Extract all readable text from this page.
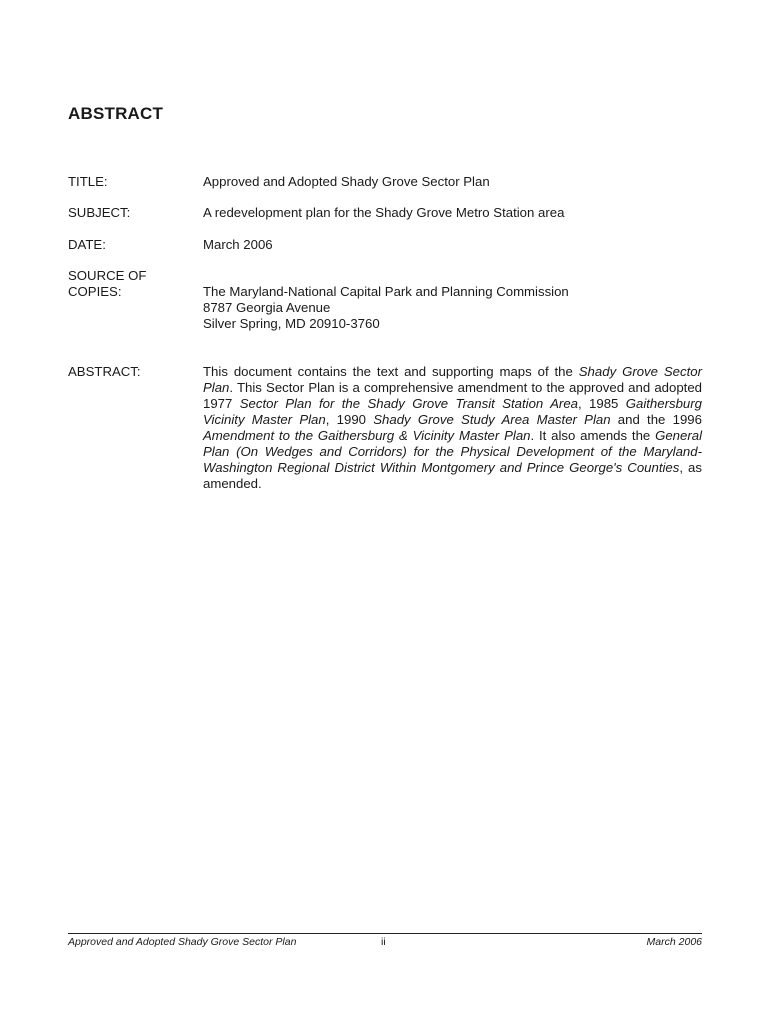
ABSTRACT
TITLE:	Approved and Adopted Shady Grove Sector Plan
SUBJECT:	A redevelopment plan for the Shady Grove Metro Station area
DATE:	March 2006
SOURCE OF
COPIES:	The Maryland-National Capital Park and Planning Commission
8787 Georgia Avenue
Silver Spring, MD 20910-3760
ABSTRACT:	This document contains the text and supporting maps of the Shady Grove Sector Plan. This Sector Plan is a comprehensive amendment to the approved and adopted 1977 Sector Plan for the Shady Grove Transit Station Area, 1985 Gaithersburg Vicinity Master Plan, 1990 Shady Grove Study Area Master Plan and the 1996 Amendment to the Gaithersburg & Vicinity Master Plan. It also amends the General Plan (On Wedges and Corridors) for the Physical Development of the Maryland-Washington Regional District Within Montgomery and Prince George's Counties, as amended.
Approved and Adopted Shady Grove Sector Plan	ii	March 2006
